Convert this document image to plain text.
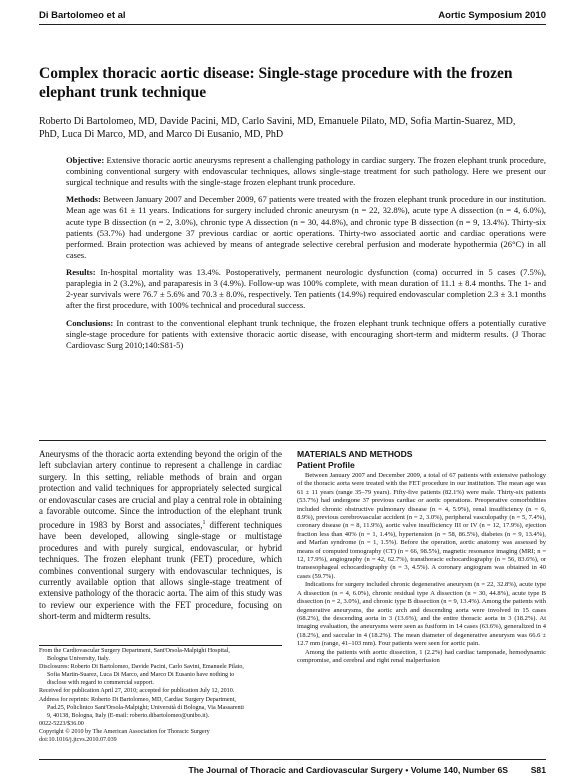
Di Bartolomeo et al	Aortic Symposium 2010
Complex thoracic aortic disease: Single-stage procedure with the frozen elephant trunk technique

Roberto Di Bartolomeo, MD, Davide Pacini, MD, Carlo Savini, MD, Emanuele Pilato, MD, Sofia Martin-Suarez, MD, PhD, Luca Di Marco, MD, and Marco Di Eusanio, MD, PhD

Objective: Extensive thoracic aortic aneurysms represent a challenging pathology in cardiac surgery. The frozen elephant trunk procedure, combining conventional surgery with endovascular techniques, allows single-stage treatment for such pathology. Here we present our surgical technique and results with the single-stage frozen elephant trunk procedure.

Methods: Between January 2007 and December 2009, 67 patients were treated with the frozen elephant trunk procedure in our institution. Mean age was 61 ± 11 years. Indications for surgery included chronic aneurysm (n = 22, 32.8%), acute type A dissection (n = 4, 6.0%), acute type B dissection (n = 2, 3.0%), chronic type A dissection (n = 30, 44.8%), and chronic type B dissection (n = 9, 13.4%). Thirty-six patients (53.7%) had undergone 37 previous cardiac or aortic operations. Thirty-two associated aortic and cardiac operations were performed. Brain protection was achieved by means of antegrade selective cerebral perfusion and moderate hypothermia (26°C) in all cases.

Results: In-hospital mortality was 13.4%. Postoperatively, permanent neurologic dysfunction (coma) occurred in 5 cases (7.5%), paraplegia in 2 (3.2%), and paraparesis in 3 (4.9%). Follow-up was 100% complete, with mean duration of 11.1 ± 8.4 months. The 1- and 2-year survivals were 76.7 ± 5.6% and 70.3 ± 8.0%, respectively. Ten patients (14.9%) required endovascular completion 2.3 ± 3.1 months after the first procedure, with 100% technical and procedural success.

Conclusions: In contrast to the conventional elephant trunk technique, the frozen elephant trunk technique offers a potentially curative single-stage procedure for patients with extensive thoracic aortic disease, with encouraging short-term and midterm results. (J Thorac Cardiovasc Surg 2010;140:S81-5)

Aneurysms of the thoracic aorta extending beyond the origin of the left subclavian artery continue to represent a challenge in cardiac surgery. In this setting, reliable methods of brain and organ protection and valid techniques for appropriately selected surgical or endovascular cases are crucial and play a central role in obtaining a favorable outcome. Since the introduction of the elephant trunk procedure in 1983 by Borst and associates,$^1$ different techniques have been developed, allowing single-stage or multistage procedures and with purely surgical, endovascular, or hybrid techniques. The frozen elephant trunk (FET) procedure, which combines conventional surgery with endovascular techniques, is currently available option that allows single-stage treatment of extensive pathology of the thoracic aorta. The aim of this study was to review our experience with the FET procedure, focusing on short-term and midterm results.

From the Cardiovascular Surgery Department, Sant'Orsola-Malpighi Hospital,

Bologna University, Italy.

Disclosures: Roberto Di Bartolomeo, Davide Pacini, Carlo Savini, Emanuele Pilato,

Sofia Martin-Suarez, Luca Di Marco, and Marco Di Eusanio have nothing to

disclose with regard to commercial support.

Received for publication April 27, 2010; accepted for publication July 12, 2010.

Address for reprints: Roberto Di Bartolomeo, MD, Cardiac Surgery Department,

Pad.25, Policlinico Sant'Orsola-Malpighi; Università di Bologna, Via Massarenti

9, 40138, Bologna, Italy (E-mail: roberto.dibartolomeo@unibo.it).

0022-5223/$36.00

Copyright © 2010 by The American Association for Thoracic Surgery

doi:10.1016/j.jtcvs.2010.07.039

MATERIALS AND METHODS
Patient Profile

Between January 2007 and December 2009, a total of 67 patients with extensive pathology of the thoracic aorta were treated with the FET procedure in our institution. The mean age was 61 ± 11 years (range 35–79 years). Fifty-five patients (82.1%) were male. Thirty-six patients (53.7%) had undergone 37 previous cardiac or aortic operations. Preoperative comorbidities included chronic obstructive pulmonary disease (n = 4, 5.9%), renal insufficiency (n = 6, 8.9%), previous cerebrovascular accident (n = 2, 3.0%), peripheral vasculopathy (n = 5, 7.4%), coronary disease (n = 8, 11.9%), aortic valve insufficiency III or IV (n = 12, 17.9%), ejection fraction less than 40% (n = 1, 1.4%), hypertension (n = 58, 86.5%), diabetes (n = 9, 13.4%), and Marfan syndrome (n = 1, 1.5%). Before the operation, aortic anatomy was assessed by means of computed tomography (CT) (n = 66, 98.5%), magnetic resonance imaging (MRI; n = 12, 17.9%), angiography (n = 42, 62.7%), transthoracic echocardiography (n = 56, 83.6%), or transesophageal echocardiography (n = 3, 4.5%). A coronary angiogram was obtained in 40 cases (59.7%).

Indications for surgery included chronic degenerative aneurysm (n = 22, 32.8%), acute type A dissection (n = 4, 6.0%), chronic residual type A dissection (n = 30, 44.8%), acute type B dissection (n = 2, 3.0%), and chronic type B dissection (n = 9, 13.4%). Among the patients with degenerative aneurysms, the aortic arch and descending aorta were involved in 15 cases (68.2%), the descending aorta in 3 (13.6%), and the entire thoracic aorta in 3 (18.2%). At imaging evaluation, the aneurysms were seen as fusiform in 14 cases (63.6%), generalized in 4 (18.2%), and saccular in 4 (18.2%). The mean diameter of degenerative aneurysm was 66.6 ± 12.7 mm (range, 41–103 mm). Four patients were seen for aortic pain.

Among the patients with aortic dissection, 1 (2.2%) had cardiac tamponade, hemodynamic compromise, and cerebral and right renal malperfusion

The Journal of Thoracic and Cardiovascular Surgery • Volume 140, Number 6S	S81
